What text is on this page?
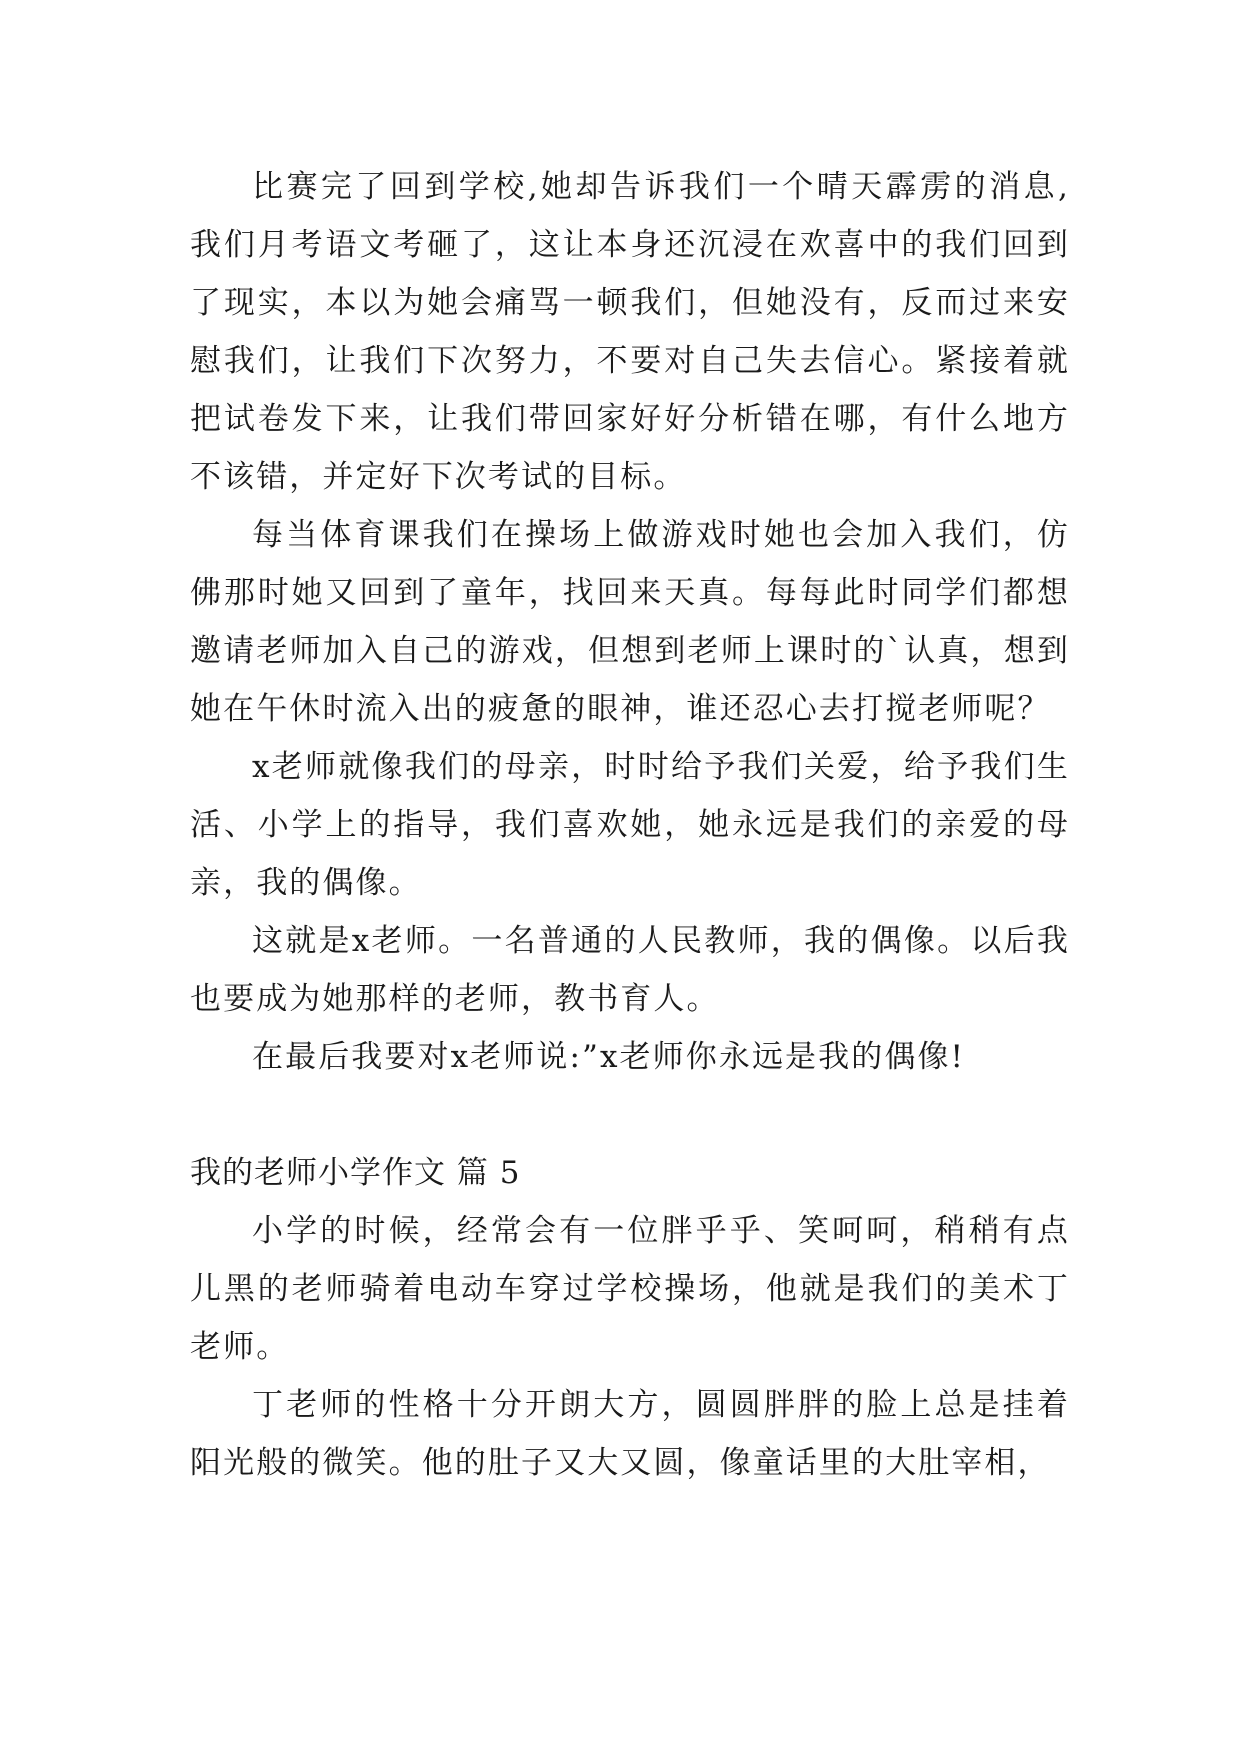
比赛完了回到学校,她却告诉我们一个晴天霹雳的消息,我们月考语文考砸了，这让本身还沉浸在欢喜中的我们回到了现实，本以为她会痛骂一顿我们，但她没有，反而过来安慰我们，让我们下次努力，不要对自己失去信心。紧接着就把试卷发下来，让我们带回家好好分析错在哪，有什么地方不该错，并定好下次考试的目标。

每当体育课我们在操场上做游戏时她也会加入我们，仿佛那时她又回到了童年，找回来天真。每每此时同学们都想邀请老师加入自己的游戏，但想到老师上课时的`认真，想到她在午休时流入出的疲惫的眼神，谁还忍心去打搅老师呢？

x老师就像我们的母亲，时时给予我们关爱，给予我们生活、小学上的指导，我们喜欢她，她永远是我们的亲爱的母亲，我的偶像。

这就是x老师。一名普通的人民教师，我的偶像。以后我也要成为她那样的老师，教书育人。

在最后我要对x老师说:”x老师你永远是我的偶像!

我的老师小学作文 篇 5

小学的时候，经常会有一位胖乎乎、笑呵呵，稍稍有点儿黑的老师骑着电动车穿过学校操场，他就是我们的美术丁老师。

丁老师的性格十分开朗大方，圆圆胖胖的脸上总是挂着阳光般的微笑。他的肚子又大又圆，像童话里的大肚宰相，
